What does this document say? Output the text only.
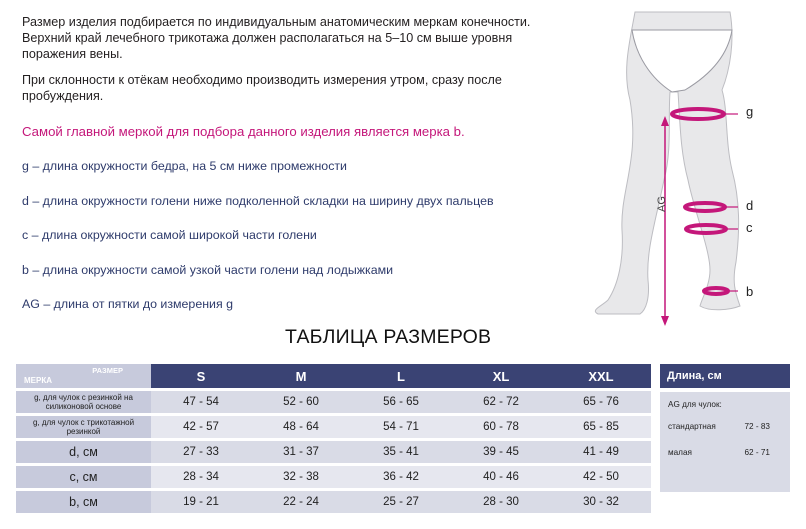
Размер изделия подбирается по индивидуальным анатомическим меркам конечности. Верхний край лечебного трикотажа должен располагаться на 5–10 см выше уровня поражения вены.

При склонности к отёкам необходимо производить измерения утром, сразу после пробуждения.

Самой главной меркой для подбора данного изделия является мерка b.
g – длина окружности бедра, на 5 см ниже промежности
d – длина окружности голени ниже подколенной складки на ширину двух пальцев
c – длина окружности самой широкой части голени
b – длина окружности самой узкой части голени над лодыжками
AG – длина от пятки до измерения g
g
d
c
b
AG
ТАБЛИЦА РАЗМЕРОВ
РАЗМЕР
МЕРКА	S	M	L	XL	XXL
g, для чулок с резинкой на силиконовой основе	47 - 54	52 - 60	56 - 65	62 - 72	65 - 76
g, для чулок с трикотажной резинкой	42 - 57	48 - 64	54 - 71	60 - 78	65 - 85
d, см	27 - 33	31 - 37	35 - 41	39 - 45	41 - 49
c, см	28 - 34	32 - 38	36 - 42	40 - 46	42 - 50
b, см	19 - 21	22 - 24	25 - 27	28 - 30	30 - 32
Длина, см
AG для чулок:
стандартная	72 - 83
малая	62 - 71
